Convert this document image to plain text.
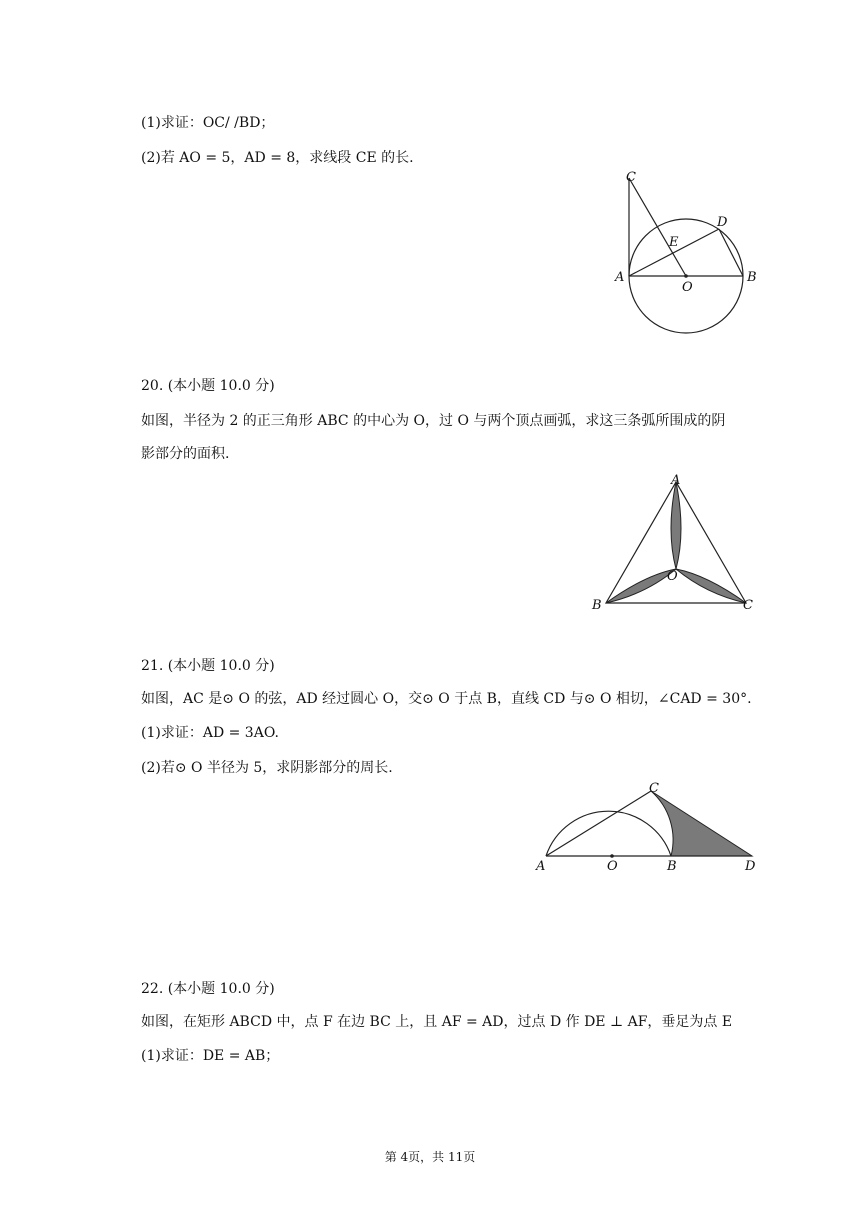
(1)求证：OC/ /BD；
(2)若 AO = 5，AD = 8，求线段 CE 的长.
C
D
E
A
O
B
20. (本小题 10.0 分)
如图，半径为 2 的正三角形 ABC 的中心为 O，过 O 与两个顶点画弧，求这三条弧所围成的阴
影部分的面积.
A
B	C
O
21. (本小题 10.0 分)
如图，AC 是⊙ O 的弦，AD 经过圆心 O，交⊙ O 于点 B，直线 CD 与⊙ O 相切，∠CAD = 30°.
(1)求证：AD = 3AO.
(2)若⊙ O 半径为 5，求阴影部分的周长.
A	O	B
C
D
22. (本小题 10.0 分)
如图，在矩形 ABCD 中，点 F 在边 BC 上，且 AF = AD，过点 D 作 DE ⊥ AF，垂足为点 E
(1)求证：DE = AB；
第 4页，共 11页
